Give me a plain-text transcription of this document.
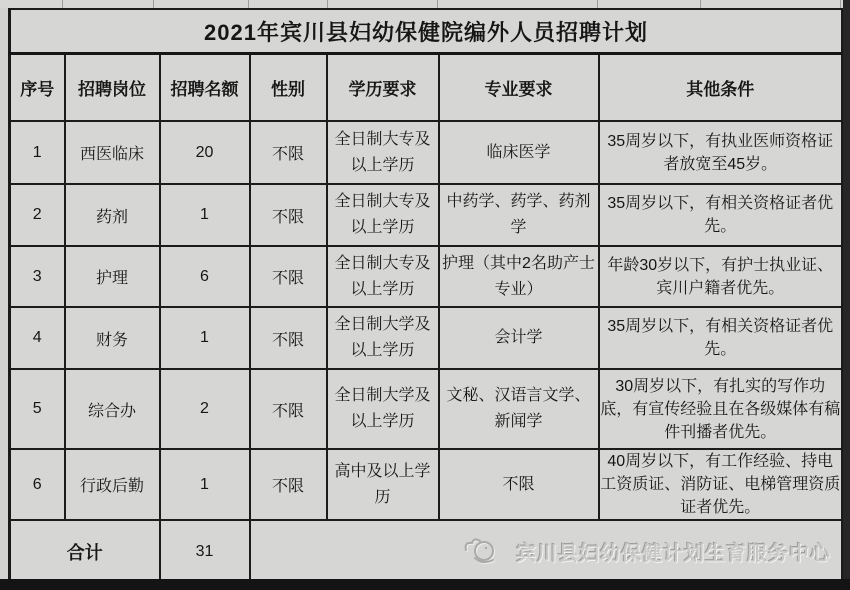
2021年宾川县妇幼保健院编外人员招聘计划						
序号	招聘岗位	招聘名额	性别	学历要求	专业要求	其他条件
1	西医临床	20	不限	全日制大专及以上学历	临床医学	35周岁以下，有执业医师资格证者放宽至45岁。
2	药剂	1	不限	全日制大专及以上学历	中药学、药学、药剂学	35周岁以下，有相关资格证者优先。
3	护理	6	不限	全日制大专及以上学历	护理（其中2名助产士专业）	年龄30岁以下，有护士执业证、宾川户籍者优先。
4	财务	1	不限	全日制大学及以上学历	会计学	35周岁以下，有相关资格证者优先。
5	综合办	2	不限	全日制大学及以上学历	文秘、汉语言文学、新闻学	30周岁以下，有扎实的写作功底，有宣传经验且在各级媒体有稿件刊播者优先。
6	行政后勤	1	不限	高中及以上学历	不限	40周岁以下，有工作经验、持电工资质证、消防证、电梯管理资质证者优先。
合计		31	宾川县妇幼保健计划生育服务中心			
